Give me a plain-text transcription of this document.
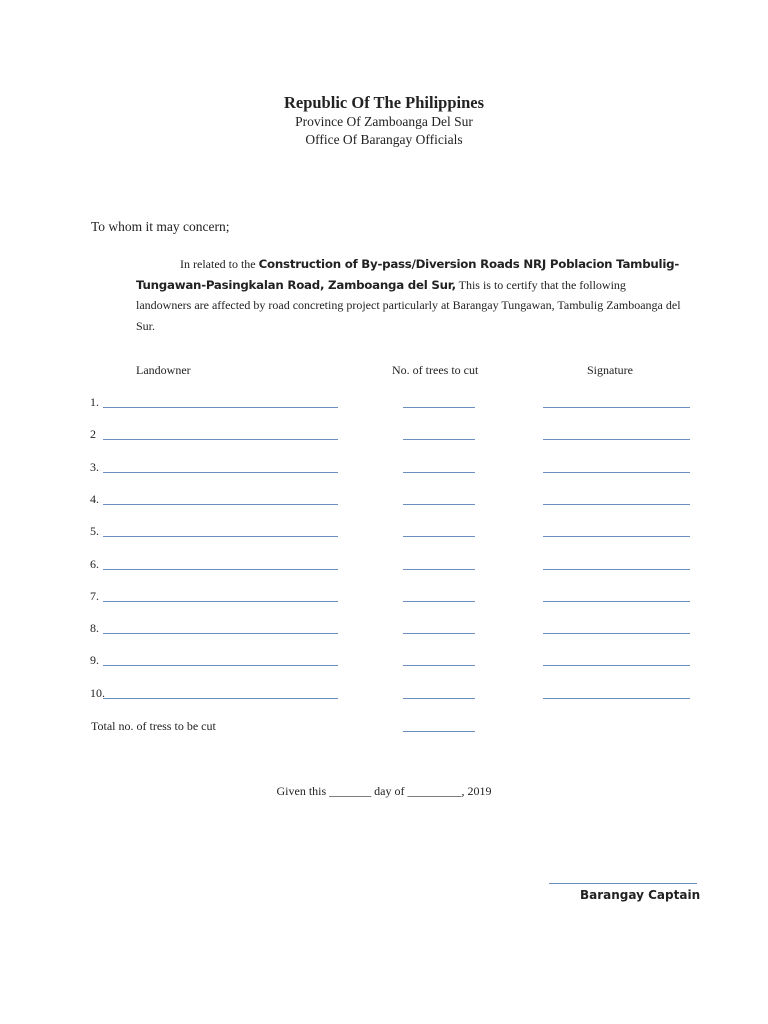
Republic Of The Philippines
Province Of Zamboanga Del Sur
Office Of Barangay Officials
To whom it may concern;
In related to the Construction of By-pass/Diversion Roads NRJ Poblacion Tambulig-Tungawan-Pasingkalan Road, Zamboanga del Sur, This is to certify that the following landowners are affected by road concreting project particularly at Barangay Tungawan, Tambulig Zamboanga del Sur.
Landowner	No. of trees to cut	Signature
1.
2
3.
4.
5.
6.
7.
8.
9.
10.
Total no. of tress to be cut
Given this _______ day of _________, 2019
Barangay Captain
